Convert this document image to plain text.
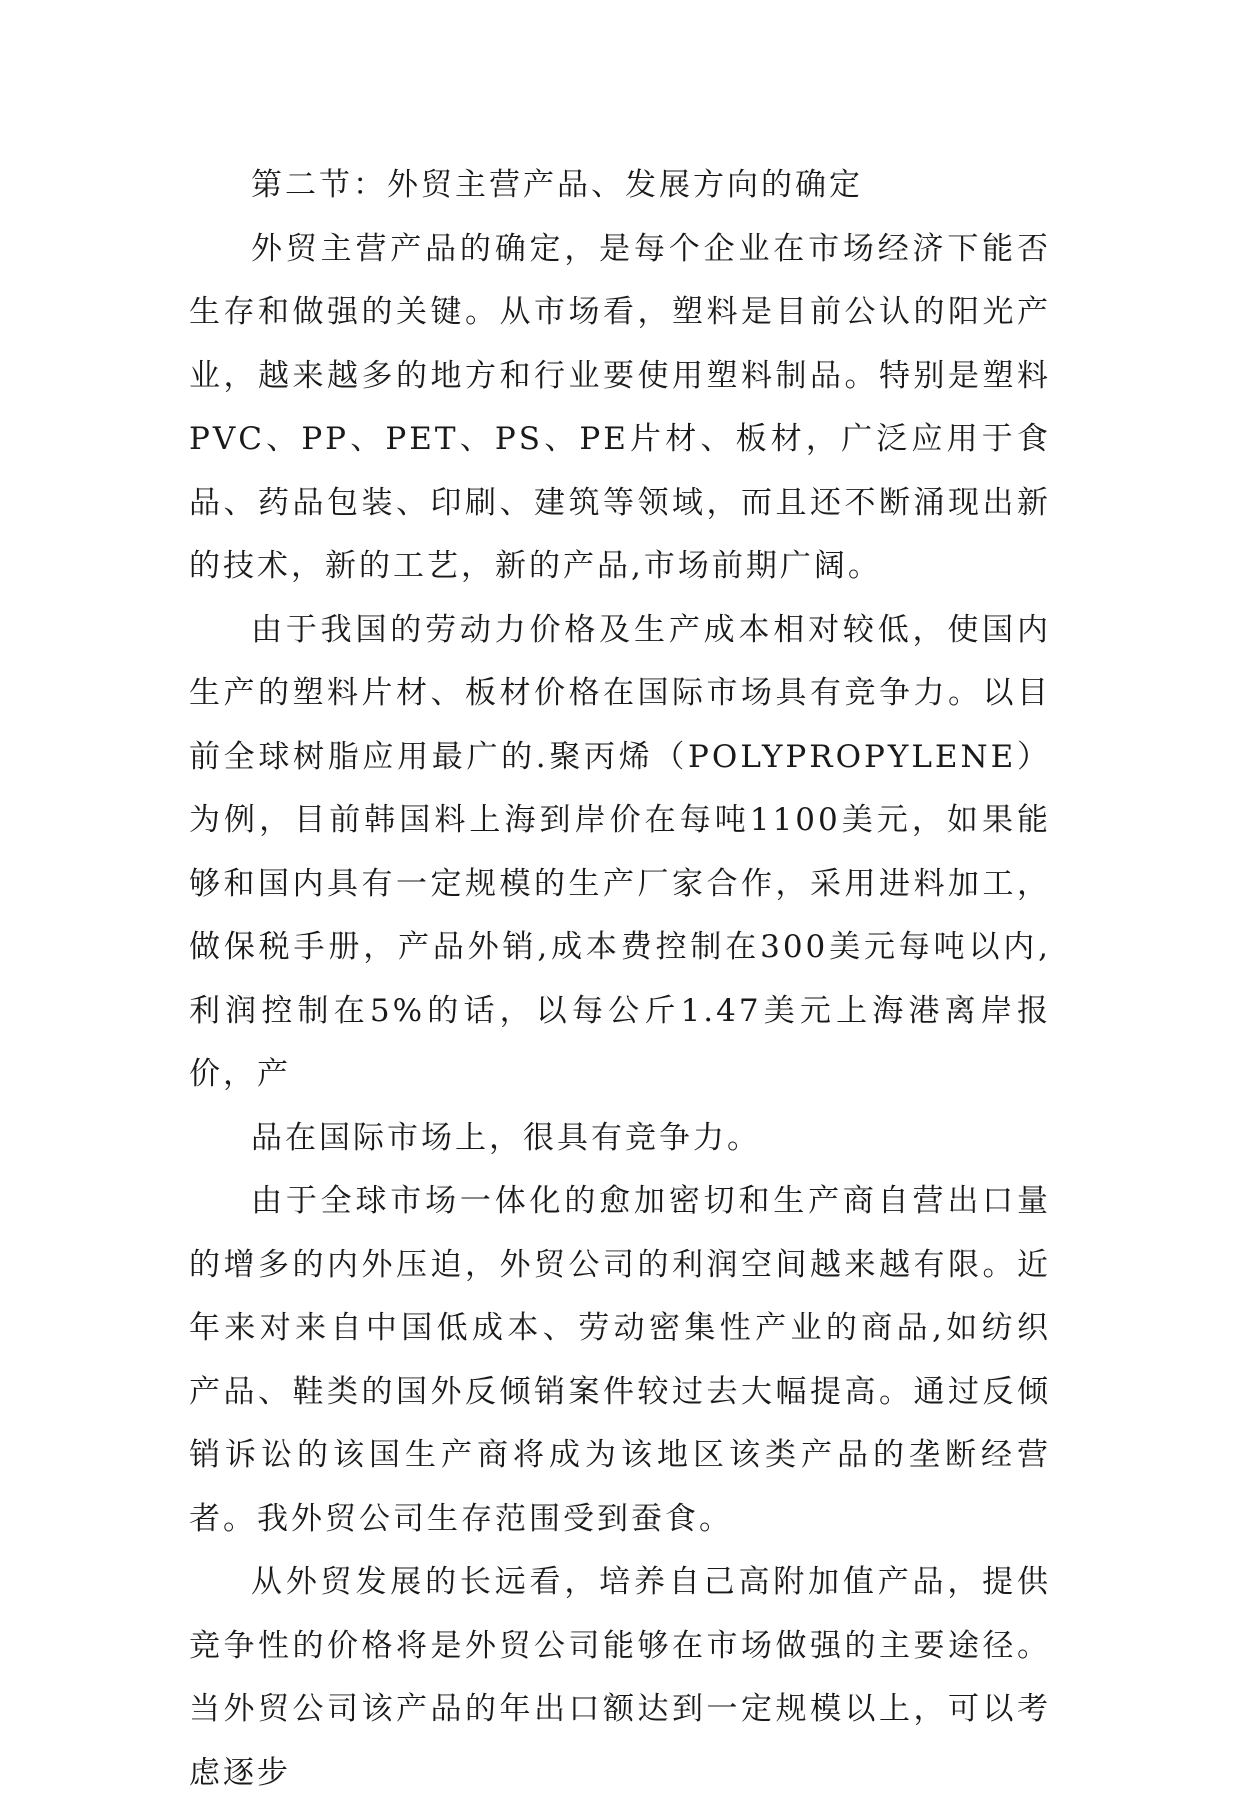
第二节：外贸主营产品、发展方向的确定

外贸主营产品的确定，是每个企业在市场经济下能否生存和做强的关键。从市场看，塑料是目前公认的阳光产业，越来越多的地方和行业要使用塑料制品。特别是塑料PVC、PP、PET、PS、PE片材、板材，广泛应用于食品、药品包装、印刷、建筑等领域，而且还不断涌现出新的技术，新的工艺，新的产品,市场前期广阔。

由于我国的劳动力价格及生产成本相对较低，使国内生产的塑料片材、板材价格在国际市场具有竞争力。以目前全球树脂应用最广的.聚丙烯（POLYPROPYLENE）为例，目前韩国料上海到岸价在每吨1100美元，如果能够和国内具有一定规模的生产厂家合作，采用进料加工，做保税手册，产品外销,成本费控制在300美元每吨以内,利润控制在5%的话，以每公斤1.47美元上海港离岸报价，产

品在国际市场上，很具有竞争力。

由于全球市场一体化的愈加密切和生产商自营出口量的增多的内外压迫，外贸公司的利润空间越来越有限。近年来对来自中国低成本、劳动密集性产业的商品,如纺织产品、鞋类的国外反倾销案件较过去大幅提高。通过反倾销诉讼的该国生产商将成为该地区该类产品的垄断经营者。我外贸公司生存范围受到蚕食。

从外贸发展的长远看，培养自己高附加值产品，提供竞争性的价格将是外贸公司能够在市场做强的主要途径。当外贸公司该产品的年出口额达到一定规模以上，可以考虑逐步
